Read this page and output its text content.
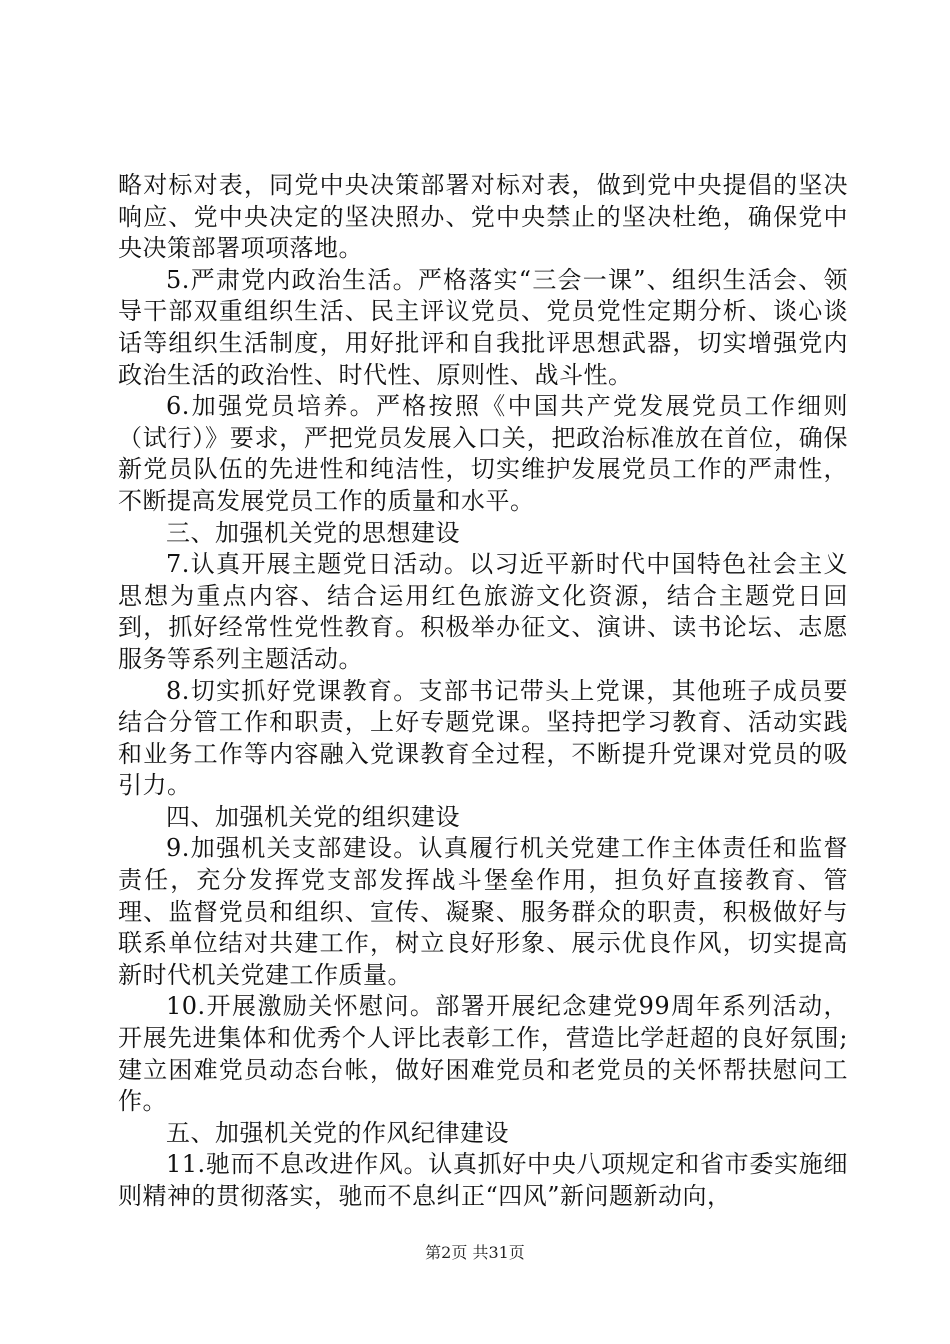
略对标对表，同党中央决策部署对标对表，做到党中央提倡的坚决响应、党中央决定的坚决照办、党中央禁止的坚决杜绝，确保党中央决策部署项项落地。

5.严肃党内政治生活。严格落实“三会一课”、组织生活会、领导干部双重组织生活、民主评议党员、党员党性定期分析、谈心谈话等组织生活制度，用好批评和自我批评思想武器，切实增强党内政治生活的政治性、时代性、原则性、战斗性。

6.加强党员培养。严格按照《中国共产党发展党员工作细则（试行）》要求，严把党员发展入口关，把政治标准放在首位，确保新党员队伍的先进性和纯洁性，切实维护发展党员工作的严肃性，不断提高发展党员工作的质量和水平。

三、加强机关党的思想建设

7.认真开展主题党日活动。以习近平新时代中国特色社会主义思想为重点内容、结合运用红色旅游文化资源，结合主题党日回到，抓好经常性党性教育。积极举办征文、演讲、读书论坛、志愿服务等系列主题活动。

8.切实抓好党课教育。支部书记带头上党课，其他班子成员要结合分管工作和职责，上好专题党课。坚持把学习教育、活动实践和业务工作等内容融入党课教育全过程，不断提升党课对党员的吸引力。

四、加强机关党的组织建设

9.加强机关支部建设。认真履行机关党建工作主体责任和监督责任，充分发挥党支部发挥战斗堡垒作用，担负好直接教育、管理、监督党员和组织、宣传、凝聚、服务群众的职责，积极做好与联系单位结对共建工作，树立良好形象、展示优良作风，切实提高新时代机关党建工作质量。

10.开展激励关怀慰问。部署开展纪念建党99周年系列活动，开展先进集体和优秀个人评比表彰工作，营造比学赶超的良好氛围;建立困难党员动态台帐，做好困难党员和老党员的关怀帮扶慰问工作。

五、加强机关党的作风纪律建设

11.驰而不息改进作风。认真抓好中央八项规定和省市委实施细则精神的贯彻落实，驰而不息纠正“四风”新问题新动向，

第2页 共31页
